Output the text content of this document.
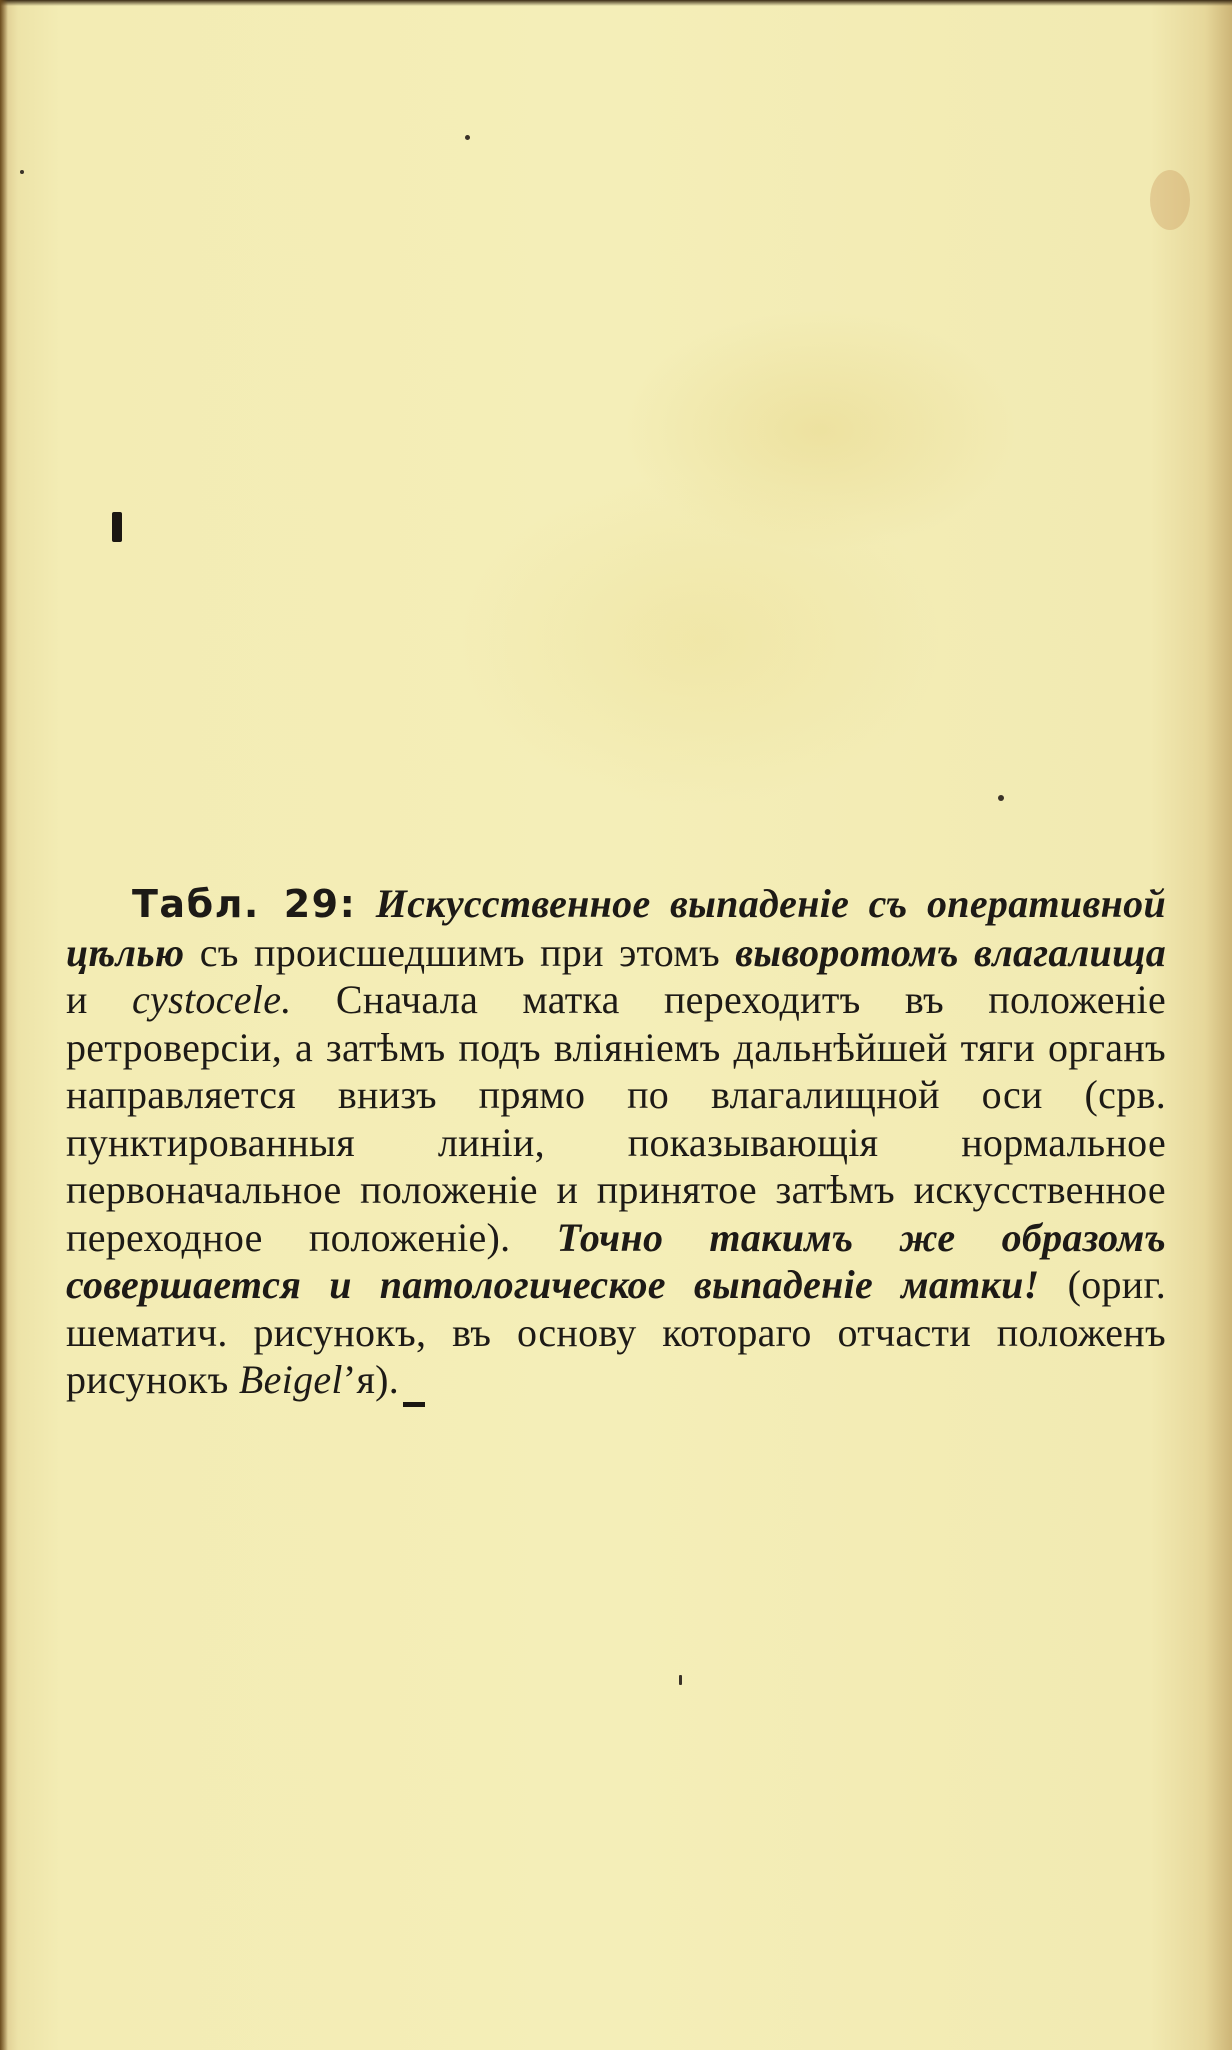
Табл. 29: Искусственное выпаденіе съ оперативной цѣлью съ происшедшимъ при этомъ выворотомъ влагалища и cystocele. Сначала матка переходитъ въ положеніе ретроверсіи, а затѣмъ подъ вліяніемъ дальнѣйшей тяги органъ направляется внизъ прямо по влагалищной оси (срв. пунктированныя линіи, показывающія нормальное первоначальное положеніе и принятое затѣмъ искусственное переходное положеніе). Точно такимъ же образомъ совершается и патологическое выпаденіе матки! (ориг. шематич. рисунокъ, въ основу котораго отчасти положенъ рисунокъ Beigel’я).
